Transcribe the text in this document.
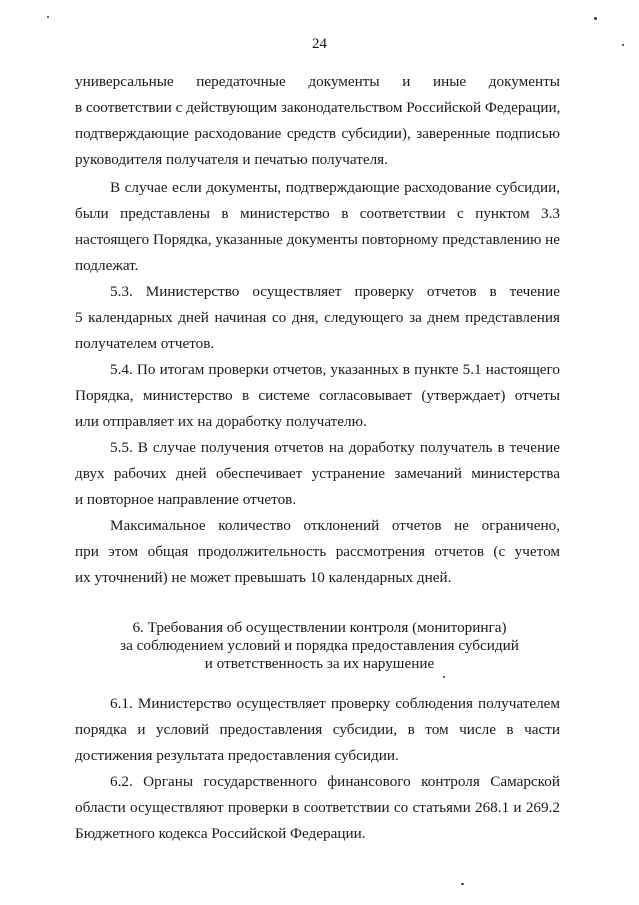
24
универсальные передаточные документы и иные документы
в соответствии с действующим законодательством Российской Федерации,
подтверждающие расходование средств субсидии), заверенные подписью
руководителя получателя и печатью получателя.
В случае если документы, подтверждающие расходование субсидии,
были представлены в министерство в соответствии с пунктом 3.3
настоящего Порядка, указанные документы повторному представлению не
подлежат.
5.3. Министерство осуществляет проверку отчетов в течение
5 календарных дней начиная со дня, следующего за днем представления
получателем отчетов.
5.4. По итогам проверки отчетов, указанных в пункте 5.1 настоящего
Порядка, министерство в системе согласовывает (утверждает) отчеты
или отправляет их на доработку получателю.
5.5. В случае получения отчетов на доработку получатель в течение
двух рабочих дней обеспечивает устранение замечаний министерства
и повторное направление отчетов.
Максимальное количество отклонений отчетов не ограничено,
при этом общая продолжительность рассмотрения отчетов (с учетом
их уточнений) не может превышать 10 календарных дней.
6. Требования об осуществлении контроля (мониторинга)
за соблюдением условий и порядка предоставления субсидий
и ответственность за их нарушение
6.1. Министерство осуществляет проверку соблюдения получателем
порядка и условий предоставления субсидии, в том числе в части
достижения результата предоставления субсидии.
6.2. Органы государственного финансового контроля Самарской
области осуществляют проверки в соответствии со статьями 268.1 и 269.2
Бюджетного кодекса Российской Федерации.
